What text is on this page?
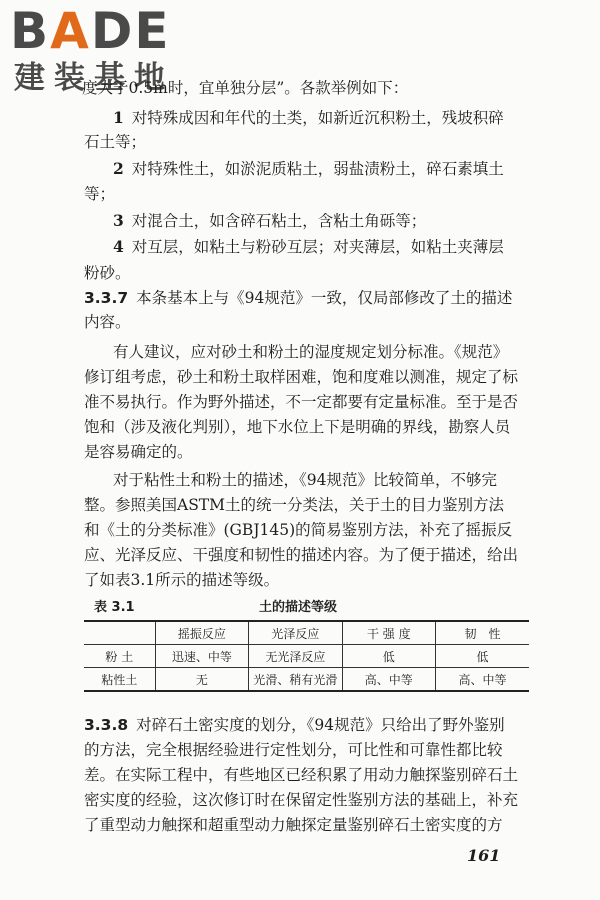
BADE
建装基地
度大于0.5m时，宜单独分层”。各款举例如下：
1 对特殊成因和年代的土类，如新近沉积粉土，残坡积碎
石土等；
2 对特殊性土，如淤泥质粘土，弱盐渍粉土，碎石素填土
等；
3 对混合土，如含碎石粘土，含粘土角砾等；
4 对互层，如粘土与粉砂互层；对夹薄层，如粘土夹薄层
粉砂。
3.3.7 本条基本上与《94规范》一致，仅局部修改了土的描述
内容。
有人建议，应对砂土和粉土的湿度规定划分标准。《规范》
修订组考虑，砂土和粉土取样困难，饱和度难以测准，规定了标
准不易执行。作为野外描述，不一定都要有定量标准。至于是否
饱和（涉及液化判别），地下水位上下是明确的界线，勘察人员
是容易确定的。
对于粘性土和粉土的描述，《94规范》比较简单，不够完
整。参照美国ASTM土的统一分类法，关于土的目力鉴别方法
和《土的分类标准》(GBJ145)的简易鉴别方法，补充了摇振反
应、光泽反应、干强度和韧性的描述内容。为了便于描述，给出
了如表3.1所示的描述等级。
表 3.1	土的描述等级
	摇振反应	光泽反应	干 强 度	韧　性
粉 土	迅速、中等	无光泽反应	低	低
粘性土	无	光滑、稍有光滑	高、中等	高、中等
3.3.8 对碎石土密实度的划分，《94规范》只给出了野外鉴别
的方法，完全根据经验进行定性划分，可比性和可靠性都比较
差。在实际工程中，有些地区已经积累了用动力触探鉴别碎石土
密实度的经验，这次修订时在保留定性鉴别方法的基础上，补充
了重型动力触探和超重型动力触探定量鉴别碎石土密实度的方
161
